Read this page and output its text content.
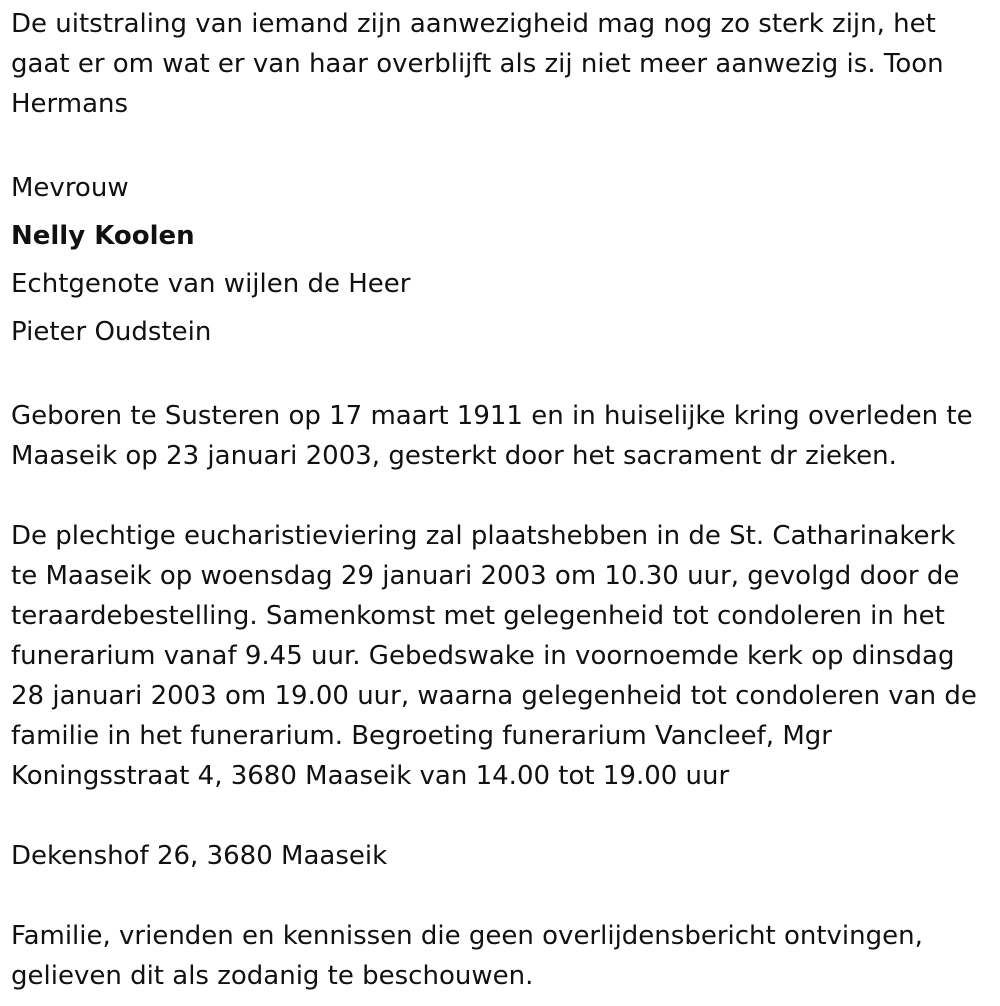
De uitstraling van iemand zijn aanwezigheid mag nog zo sterk zijn, het gaat er om wat er van haar overblijft als zij niet meer aanwezig is. Toon Hermans

Mevrouw

Nelly Koolen

Echtgenote van wijlen de Heer

Pieter Oudstein

Geboren te Susteren op 17 maart 1911 en in huiselijke kring overleden te Maaseik op 23 januari 2003, gesterkt door het sacrament dr zieken.

De plechtige eucharistieviering zal plaatshebben in de St. Catharinakerk te Maaseik op woensdag 29 januari 2003 om 10.30 uur, gevolgd door de teraardebestelling. Samenkomst met gelegenheid tot condoleren in het funerarium vanaf 9.45 uur. Gebedswake in voornoemde kerk op dinsdag 28 januari 2003 om 19.00 uur, waarna gelegenheid tot condoleren van de familie in het funerarium. Begroeting funerarium Vancleef, Mgr Koningsstraat 4, 3680 Maaseik van 14.00 tot 19.00 uur

Dekenshof 26, 3680 Maaseik

Familie, vrienden en kennissen die geen overlijdensbericht ontvingen, gelieven dit als zodanig te beschouwen.
